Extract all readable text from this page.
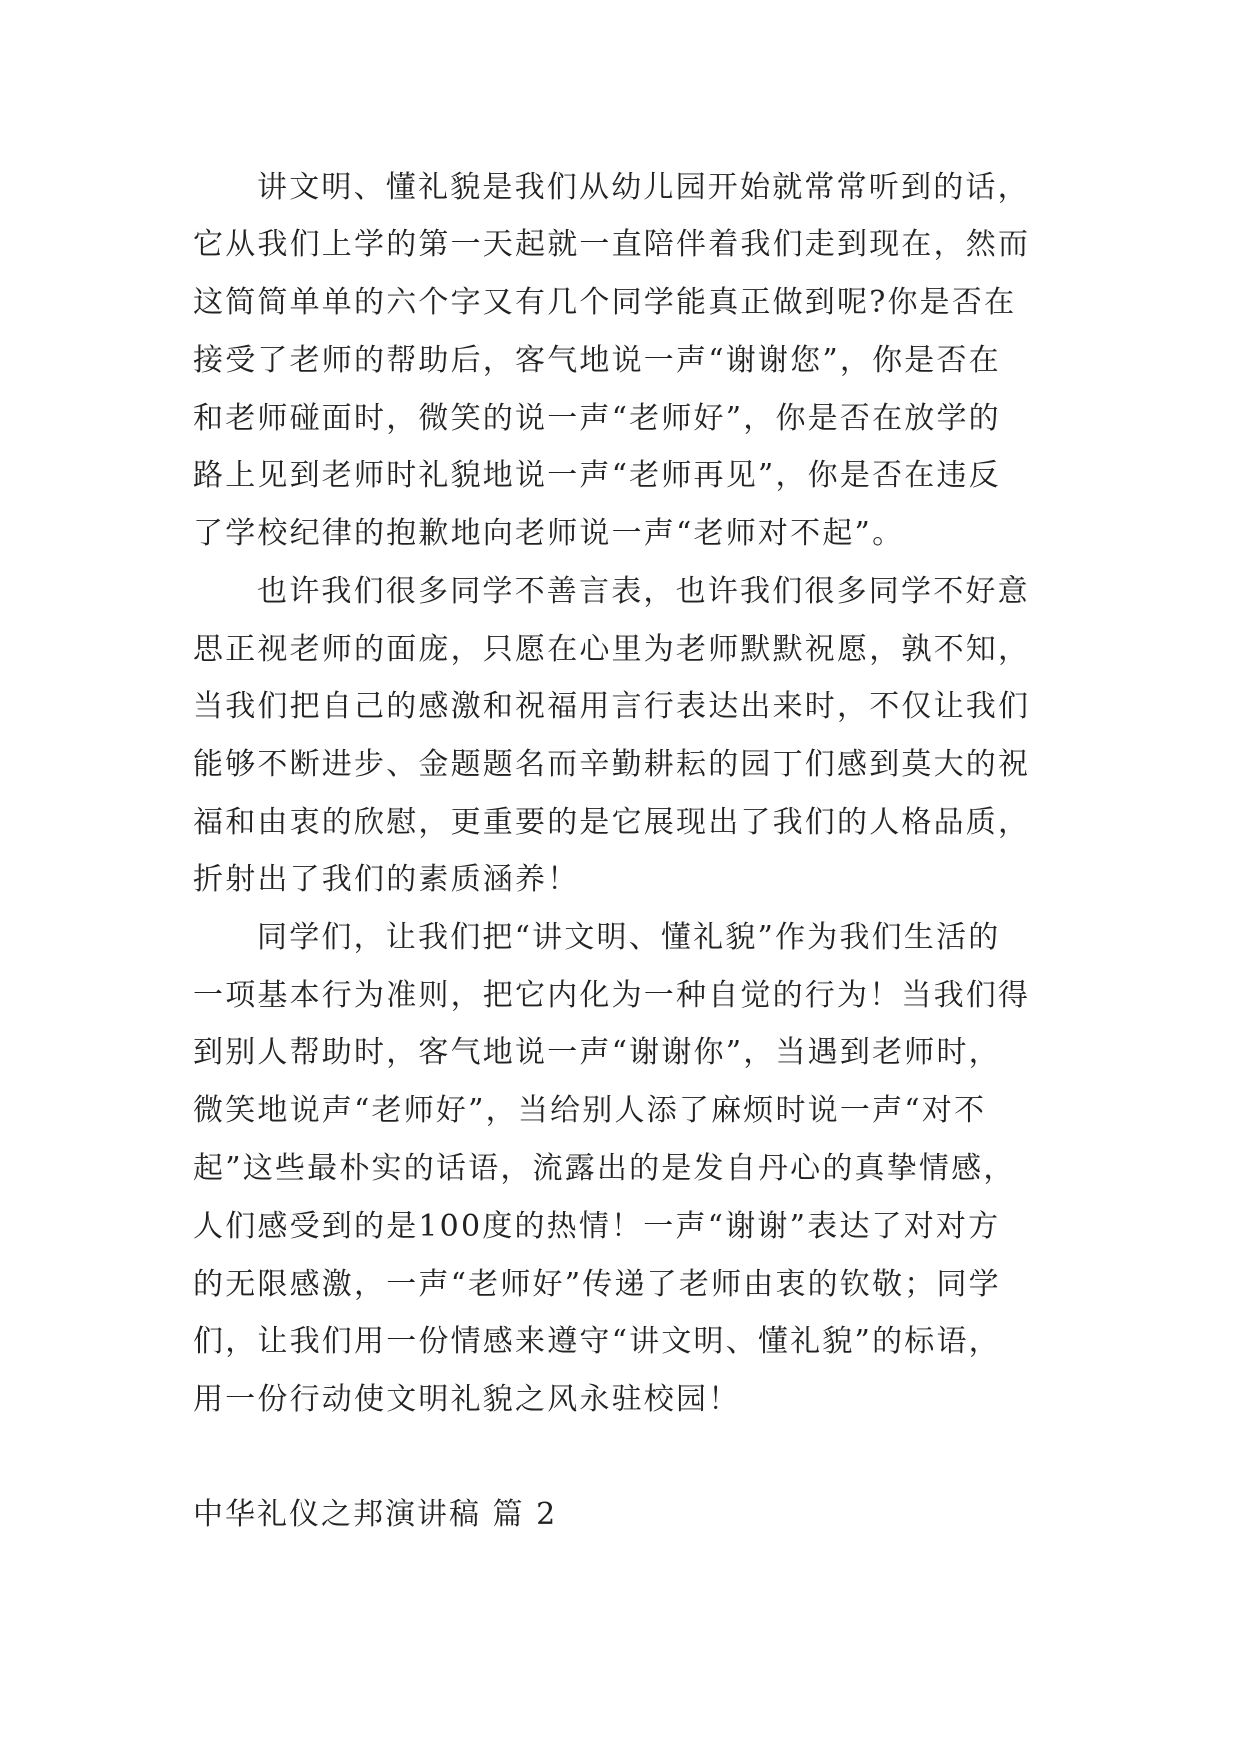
讲文明、懂礼貌是我们从幼儿园开始就常常听到的话，
它从我们上学的第一天起就一直陪伴着我们走到现在，然而
这简简单单的六个字又有几个同学能真正做到呢?你是否在
接受了老师的帮助后，客气地说一声“谢谢您”，你是否在
和老师碰面时，微笑的说一声“老师好”，你是否在放学的
路上见到老师时礼貌地说一声“老师再见”，你是否在违反
了学校纪律的抱歉地向老师说一声“老师对不起”。
也许我们很多同学不善言表，也许我们很多同学不好意
思正视老师的面庞，只愿在心里为老师默默祝愿，孰不知，
当我们把自己的感激和祝福用言行表达出来时，不仅让我们
能够不断进步、金题题名而辛勤耕耘的园丁们感到莫大的祝
福和由衷的欣慰，更重要的是它展现出了我们的人格品质，
折射出了我们的素质涵养！
同学们，让我们把“讲文明、懂礼貌”作为我们生活的
一项基本行为准则，把它内化为一种自觉的行为！当我们得
到别人帮助时，客气地说一声“谢谢你”，当遇到老师时，
微笑地说声“老师好”，当给别人添了麻烦时说一声“对不
起”这些最朴实的话语，流露出的是发自丹心的真挚情感，
人们感受到的是100度的热情！一声“谢谢”表达了对对方
的无限感激，一声“老师好”传递了老师由衷的钦敬；同学
们，让我们用一份情感来遵守“讲文明、懂礼貌”的标语，
用一份行动使文明礼貌之风永驻校园！
中华礼仪之邦演讲稿 篇 2
